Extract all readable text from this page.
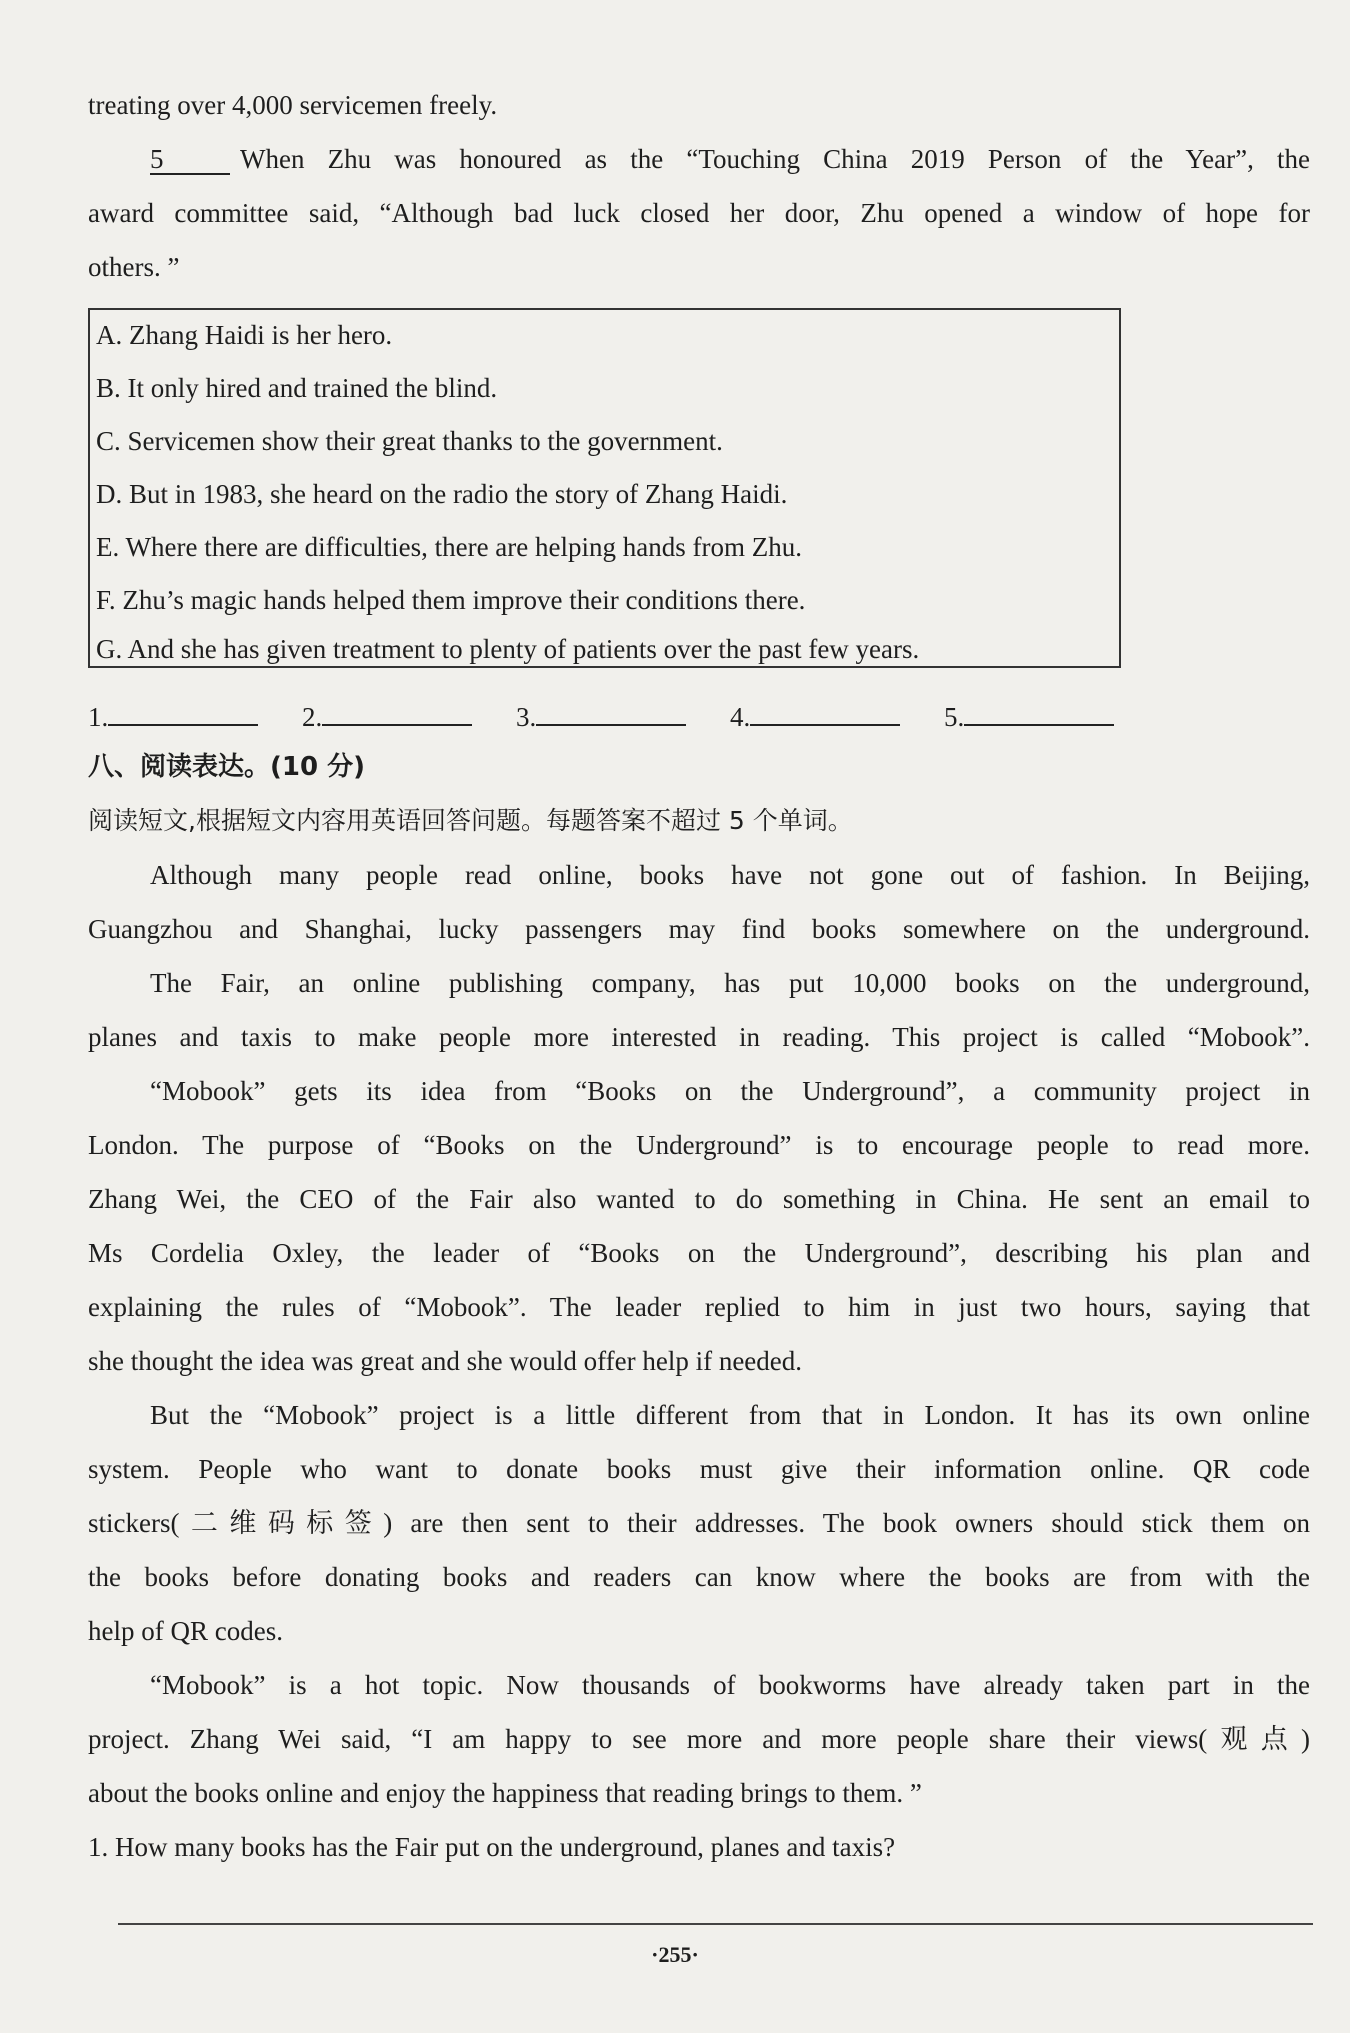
treating over 4,000 servicemen freely.
5	When Zhu was honoured as the “Touching China 2019 Person of the Year”, the
award committee said, “Although bad luck closed her door, Zhu opened a window of hope for
others. ”
A. Zhang Haidi is her hero.
B. It only hired and trained the blind.
C. Servicemen show their great thanks to the government.
D. But in 1983, she heard on the radio the story of Zhang Haidi.
E. Where there are difficulties, there are helping hands from Zhu.
F. Zhu’s magic hands helped them improve their conditions there.
G. And she has given treatment to plenty of patients over the past few years.
1.	2.	3.	4.	5.
八、阅读表达。(10 分)
阅读短文,根据短文内容用英语回答问题。每题答案不超过 5 个单词。
Although many people read online, books have not gone out of fashion. In Beijing,
Guangzhou and Shanghai, lucky passengers may find books somewhere on the underground.
The Fair, an online publishing company, has put 10,000 books on the underground,
planes and taxis to make people more interested in reading. This project is called “Mobook”.
“Mobook” gets its idea from “Books on the Underground”, a community project in
London. The purpose of “Books on the Underground” is to encourage people to read more.
Zhang Wei, the CEO of the Fair also wanted to do something in China. He sent an email to
Ms Cordelia Oxley, the leader of “Books on the Underground”, describing his plan and
explaining the rules of “Mobook”. The leader replied to him in just two hours, saying that
she thought the idea was great and she would offer help if needed.
But the “Mobook” project is a little different from that in London. It has its own online
system. People who want to donate books must give their information online. QR code
stickers(二维码标签) are then sent to their addresses. The book owners should stick them on
the books before donating books and readers can know where the books are from with the
help of QR codes.
“Mobook” is a hot topic. Now thousands of bookworms have already taken part in the
project. Zhang Wei said, “I am happy to see more and more people share their views(观点)
about the books online and enjoy the happiness that reading brings to them. ”
1. How many books has the Fair put on the underground, planes and taxis?
·255·
